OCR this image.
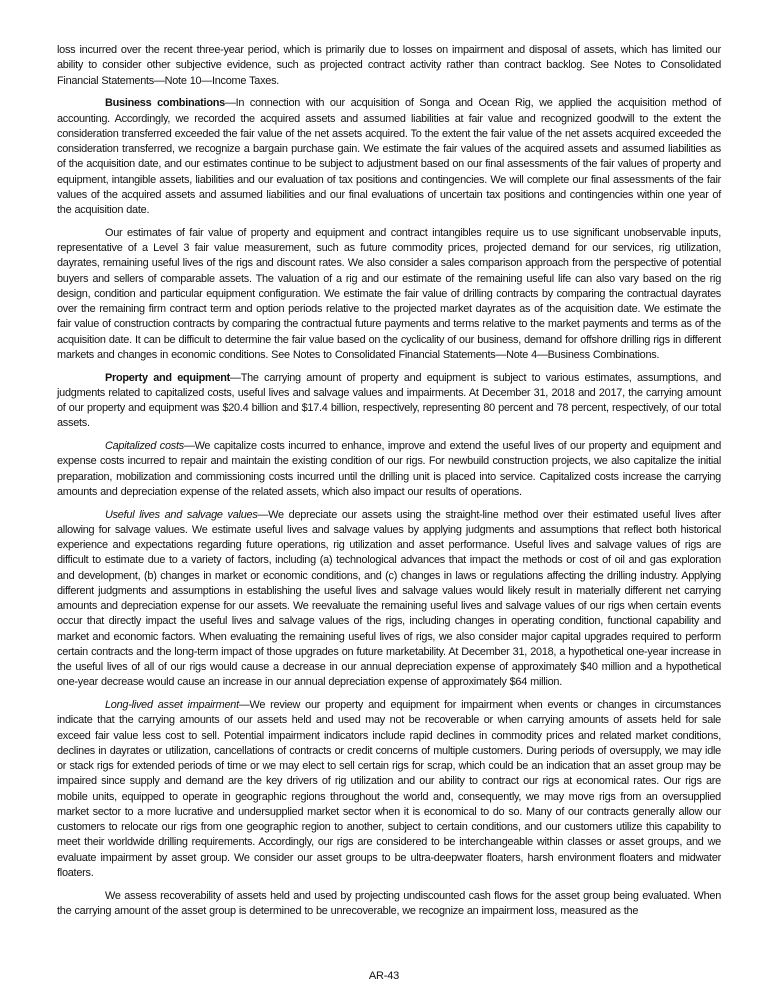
loss incurred over the recent three-year period, which is primarily due to losses on impairment and disposal of assets, which has limited our ability to consider other subjective evidence, such as projected contract activity rather than contract backlog. See Notes to Consolidated Financial Statements—Note 10—Income Taxes.

Business combinations—In connection with our acquisition of Songa and Ocean Rig, we applied the acquisition method of accounting. Accordingly, we recorded the acquired assets and assumed liabilities at fair value and recognized goodwill to the extent the consideration transferred exceeded the fair value of the net assets acquired. To the extent the fair value of the net assets acquired exceeded the consideration transferred, we recognize a bargain purchase gain. We estimate the fair values of the acquired assets and assumed liabilities as of the acquisition date, and our estimates continue to be subject to adjustment based on our final assessments of the fair values of property and equipment, intangible assets, liabilities and our evaluation of tax positions and contingencies. We will complete our final assessments of the fair values of the acquired assets and assumed liabilities and our final evaluations of uncertain tax positions and contingencies within one year of the acquisition date.

Our estimates of fair value of property and equipment and contract intangibles require us to use significant unobservable inputs, representative of a Level 3 fair value measurement, such as future commodity prices, projected demand for our services, rig utilization, dayrates, remaining useful lives of the rigs and discount rates. We also consider a sales comparison approach from the perspective of potential buyers and sellers of comparable assets. The valuation of a rig and our estimate of the remaining useful life can also vary based on the rig design, condition and particular equipment configuration. We estimate the fair value of drilling contracts by comparing the contractual dayrates over the remaining firm contract term and option periods relative to the projected market dayrates as of the acquisition date. We estimate the fair value of construction contracts by comparing the contractual future payments and terms relative to the market payments and terms as of the acquisition date. It can be difficult to determine the fair value based on the cyclicality of our business, demand for offshore drilling rigs in different markets and changes in economic conditions. See Notes to Consolidated Financial Statements—Note 4—Business Combinations.

Property and equipment—The carrying amount of property and equipment is subject to various estimates, assumptions, and judgments related to capitalized costs, useful lives and salvage values and impairments. At December 31, 2018 and 2017, the carrying amount of our property and equipment was $20.4 billion and $17.4 billion, respectively, representing 80 percent and 78 percent, respectively, of our total assets.

Capitalized costs—We capitalize costs incurred to enhance, improve and extend the useful lives of our property and equipment and expense costs incurred to repair and maintain the existing condition of our rigs. For newbuild construction projects, we also capitalize the initial preparation, mobilization and commissioning costs incurred until the drilling unit is placed into service. Capitalized costs increase the carrying amounts and depreciation expense of the related assets, which also impact our results of operations.

Useful lives and salvage values—We depreciate our assets using the straight-line method over their estimated useful lives after allowing for salvage values. We estimate useful lives and salvage values by applying judgments and assumptions that reflect both historical experience and expectations regarding future operations, rig utilization and asset performance. Useful lives and salvage values of rigs are difficult to estimate due to a variety of factors, including (a) technological advances that impact the methods or cost of oil and gas exploration and development, (b) changes in market or economic conditions, and (c) changes in laws or regulations affecting the drilling industry. Applying different judgments and assumptions in establishing the useful lives and salvage values would likely result in materially different net carrying amounts and depreciation expense for our assets. We reevaluate the remaining useful lives and salvage values of our rigs when certain events occur that directly impact the useful lives and salvage values of the rigs, including changes in operating condition, functional capability and market and economic factors. When evaluating the remaining useful lives of rigs, we also consider major capital upgrades required to perform certain contracts and the long-term impact of those upgrades on future marketability. At December 31, 2018, a hypothetical one-year increase in the useful lives of all of our rigs would cause a decrease in our annual depreciation expense of approximately $40 million and a hypothetical one-year decrease would cause an increase in our annual depreciation expense of approximately $64 million.

Long-lived asset impairment—We review our property and equipment for impairment when events or changes in circumstances indicate that the carrying amounts of our assets held and used may not be recoverable or when carrying amounts of assets held for sale exceed fair value less cost to sell. Potential impairment indicators include rapid declines in commodity prices and related market conditions, declines in dayrates or utilization, cancellations of contracts or credit concerns of multiple customers. During periods of oversupply, we may idle or stack rigs for extended periods of time or we may elect to sell certain rigs for scrap, which could be an indication that an asset group may be impaired since supply and demand are the key drivers of rig utilization and our ability to contract our rigs at economical rates. Our rigs are mobile units, equipped to operate in geographic regions throughout the world and, consequently, we may move rigs from an oversupplied market sector to a more lucrative and undersupplied market sector when it is economical to do so. Many of our contracts generally allow our customers to relocate our rigs from one geographic region to another, subject to certain conditions, and our customers utilize this capability to meet their worldwide drilling requirements. Accordingly, our rigs are considered to be interchangeable within classes or asset groups, and we evaluate impairment by asset group. We consider our asset groups to be ultra-deepwater floaters, harsh environment floaters and midwater floaters.

We assess recoverability of assets held and used by projecting undiscounted cash flows for the asset group being evaluated. When the carrying amount of the asset group is determined to be unrecoverable, we recognize an impairment loss, measured as the

AR-43
